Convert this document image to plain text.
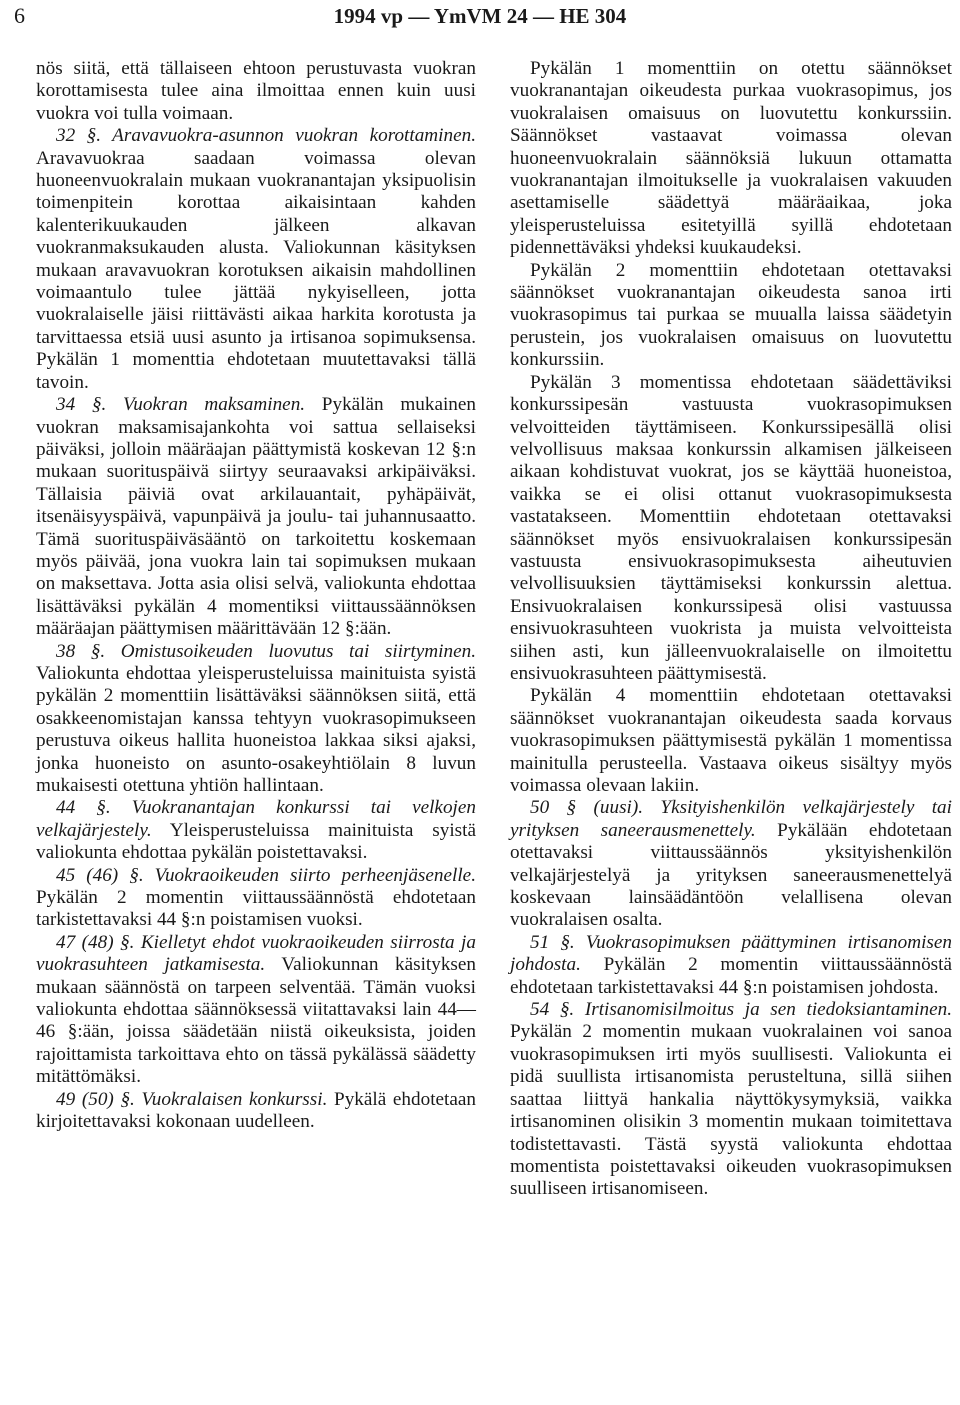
6	1994 vp — YmVM 24 — HE 304

nös siitä, että tällaiseen ehtoon perustuvasta vuokran korottamisesta tulee aina ilmoittaa ennen kuin uusi vuokra voi tulla voimaan.

32 §. Aravavuokra-asunnon vuokran korottaminen. Aravavuokraa saadaan voimassa olevan huoneenvuokralain mukaan vuokranantajan yksipuolisin toimenpitein korottaa aikaisintaan kahden kalenterikuukauden jälkeen alkavan vuokranmaksukauden alusta. Valiokunnan käsityksen mukaan aravavuokran korotuksen aikaisin mahdollinen voimaantulo tulee jättää nykyiselleen, jotta vuokralaiselle jäisi riittävästi aikaa harkita korotusta ja tarvittaessa etsiä uusi asunto ja irtisanoa sopimuksensa. Pykälän 1 momenttia ehdotetaan muutettavaksi tällä tavoin.

34 §. Vuokran maksaminen. Pykälän mukainen vuokran maksamisajankohta voi sattua sellaiseksi päiväksi, jolloin määräajan päättymistä koskevan 12 §:n mukaan suorituspäivä siirtyy seuraavaksi arkipäiväksi. Tällaisia päiviä ovat arkilauantait, pyhäpäivät, itsenäisyyspäivä, vapunpäivä ja joulu- tai juhannusaatto. Tämä suorituspäiväsääntö on tarkoitettu koskemaan myös päivää, jona vuokra lain tai sopimuksen mukaan on maksettava. Jotta asia olisi selvä, valiokunta ehdottaa lisättäväksi pykälän 4 momentiksi viittaussäännöksen määräajan päättymisen määrittävään 12 §:ään.

38 §. Omistusoikeuden luovutus tai siirtyminen. Valiokunta ehdottaa yleisperusteluissa mainituista syistä pykälän 2 momenttiin lisättäväksi säännöksen siitä, että osakkeenomistajan kanssa tehtyyn vuokrasopimukseen perustuva oikeus hallita huoneistoa lakkaa siksi ajaksi, jonka huoneisto on asunto-osakeyhtiölain 8 luvun mukaisesti otettuna yhtiön hallintaan.

44 §. Vuokranantajan konkurssi tai velkojen velkajärjestely. Yleisperusteluissa mainituista syistä valiokunta ehdottaa pykälän poistettavaksi.

45 (46) §. Vuokraoikeuden siirto perheenjäsenelle. Pykälän 2 momentin viittaussäännöstä ehdotetaan tarkistettavaksi 44 §:n poistamisen vuoksi.

47 (48) §. Kielletyt ehdot vuokraoikeuden siirrosta ja vuokrasuhteen jatkamisesta. Valiokunnan käsityksen mukaan säännöstä on tarpeen selventää. Tämän vuoksi valiokunta ehdottaa säännöksessä viitattavaksi lain 44—46 §:ään, joissa säädetään niistä oikeuksista, joiden rajoittamista tarkoittava ehto on tässä pykälässä säädetty mitättömäksi.

49 (50) §. Vuokralaisen konkurssi. Pykälä ehdotetaan kirjoitettavaksi kokonaan uudelleen.

Pykälän 1 momenttiin on otettu säännökset vuokranantajan oikeudesta purkaa vuokrasopimus, jos vuokralaisen omaisuus on luovutettu konkurssiin. Säännökset vastaavat voimassa olevan huoneenvuokralain säännöksiä lukuun ottamatta vuokranantajan ilmoitukselle ja vuokralaisen vakuuden asettamiselle säädettyä määräaikaa, joka yleisperusteluissa esitetyillä syillä ehdotetaan pidennettäväksi yhdeksi kuukaudeksi.

Pykälän 2 momenttiin ehdotetaan otettavaksi säännökset vuokranantajan oikeudesta sanoa irti vuokrasopimus tai purkaa se muualla laissa säädetyin perustein, jos vuokralaisen omaisuus on luovutettu konkurssiin.

Pykälän 3 momentissa ehdotetaan säädettäviksi konkurssipesän vastuusta vuokrasopimuksen velvoitteiden täyttämiseen. Konkurssipesällä olisi velvollisuus maksaa konkurssin alkamisen jälkeiseen aikaan kohdistuvat vuokrat, jos se käyttää huoneistoa, vaikka se ei olisi ottanut vuokrasopimuksesta vastatakseen. Momenttiin ehdotetaan otettavaksi säännökset myös ensivuokralaisen konkurssipesän vastuusta ensivuokrasopimuksesta aiheutuvien velvollisuuksien täyttämiseksi konkurssin alettua. Ensivuokralaisen konkurssipesä olisi vastuussa ensivuokrasuhteen vuokrista ja muista velvoitteista siihen asti, kun jälleenvuokralaiselle on ilmoitettu ensivuokrasuhteen päättymisestä.

Pykälän 4 momenttiin ehdotetaan otettavaksi säännökset vuokranantajan oikeudesta saada korvaus vuokrasopimuksen päättymisestä pykälän 1 momentissa mainitulla perusteella. Vastaava oikeus sisältyy myös voimassa olevaan lakiin.

50 § (uusi). Yksityishenkilön velkajärjestely tai yrityksen saneerausmenettely. Pykälään ehdotetaan otettavaksi viittaussäännös yksityishenkilön velkajärjestelyä ja yrityksen saneerausmenettelyä koskevaan lainsäädäntöön velallisena olevan vuokralaisen osalta.

51 §. Vuokrasopimuksen päättyminen irtisanomisen johdosta. Pykälän 2 momentin viittaussäännöstä ehdotetaan tarkistettavaksi 44 §:n poistamisen johdosta.

54 §. Irtisanomisilmoitus ja sen tiedoksiantaminen. Pykälän 2 momentin mukaan vuokralainen voi sanoa vuokrasopimuksen irti myös suullisesti. Valiokunta ei pidä suullista irtisanomista perusteltuna, sillä siihen saattaa liittyä hankalia näyttökysymyksiä, vaikka irtisanominen olisikin 3 momentin mukaan toimitettava todistettavasti. Tästä syystä valiokunta ehdottaa momentista poistettavaksi oikeuden vuokrasopimuksen suulliseen irtisanomiseen.
